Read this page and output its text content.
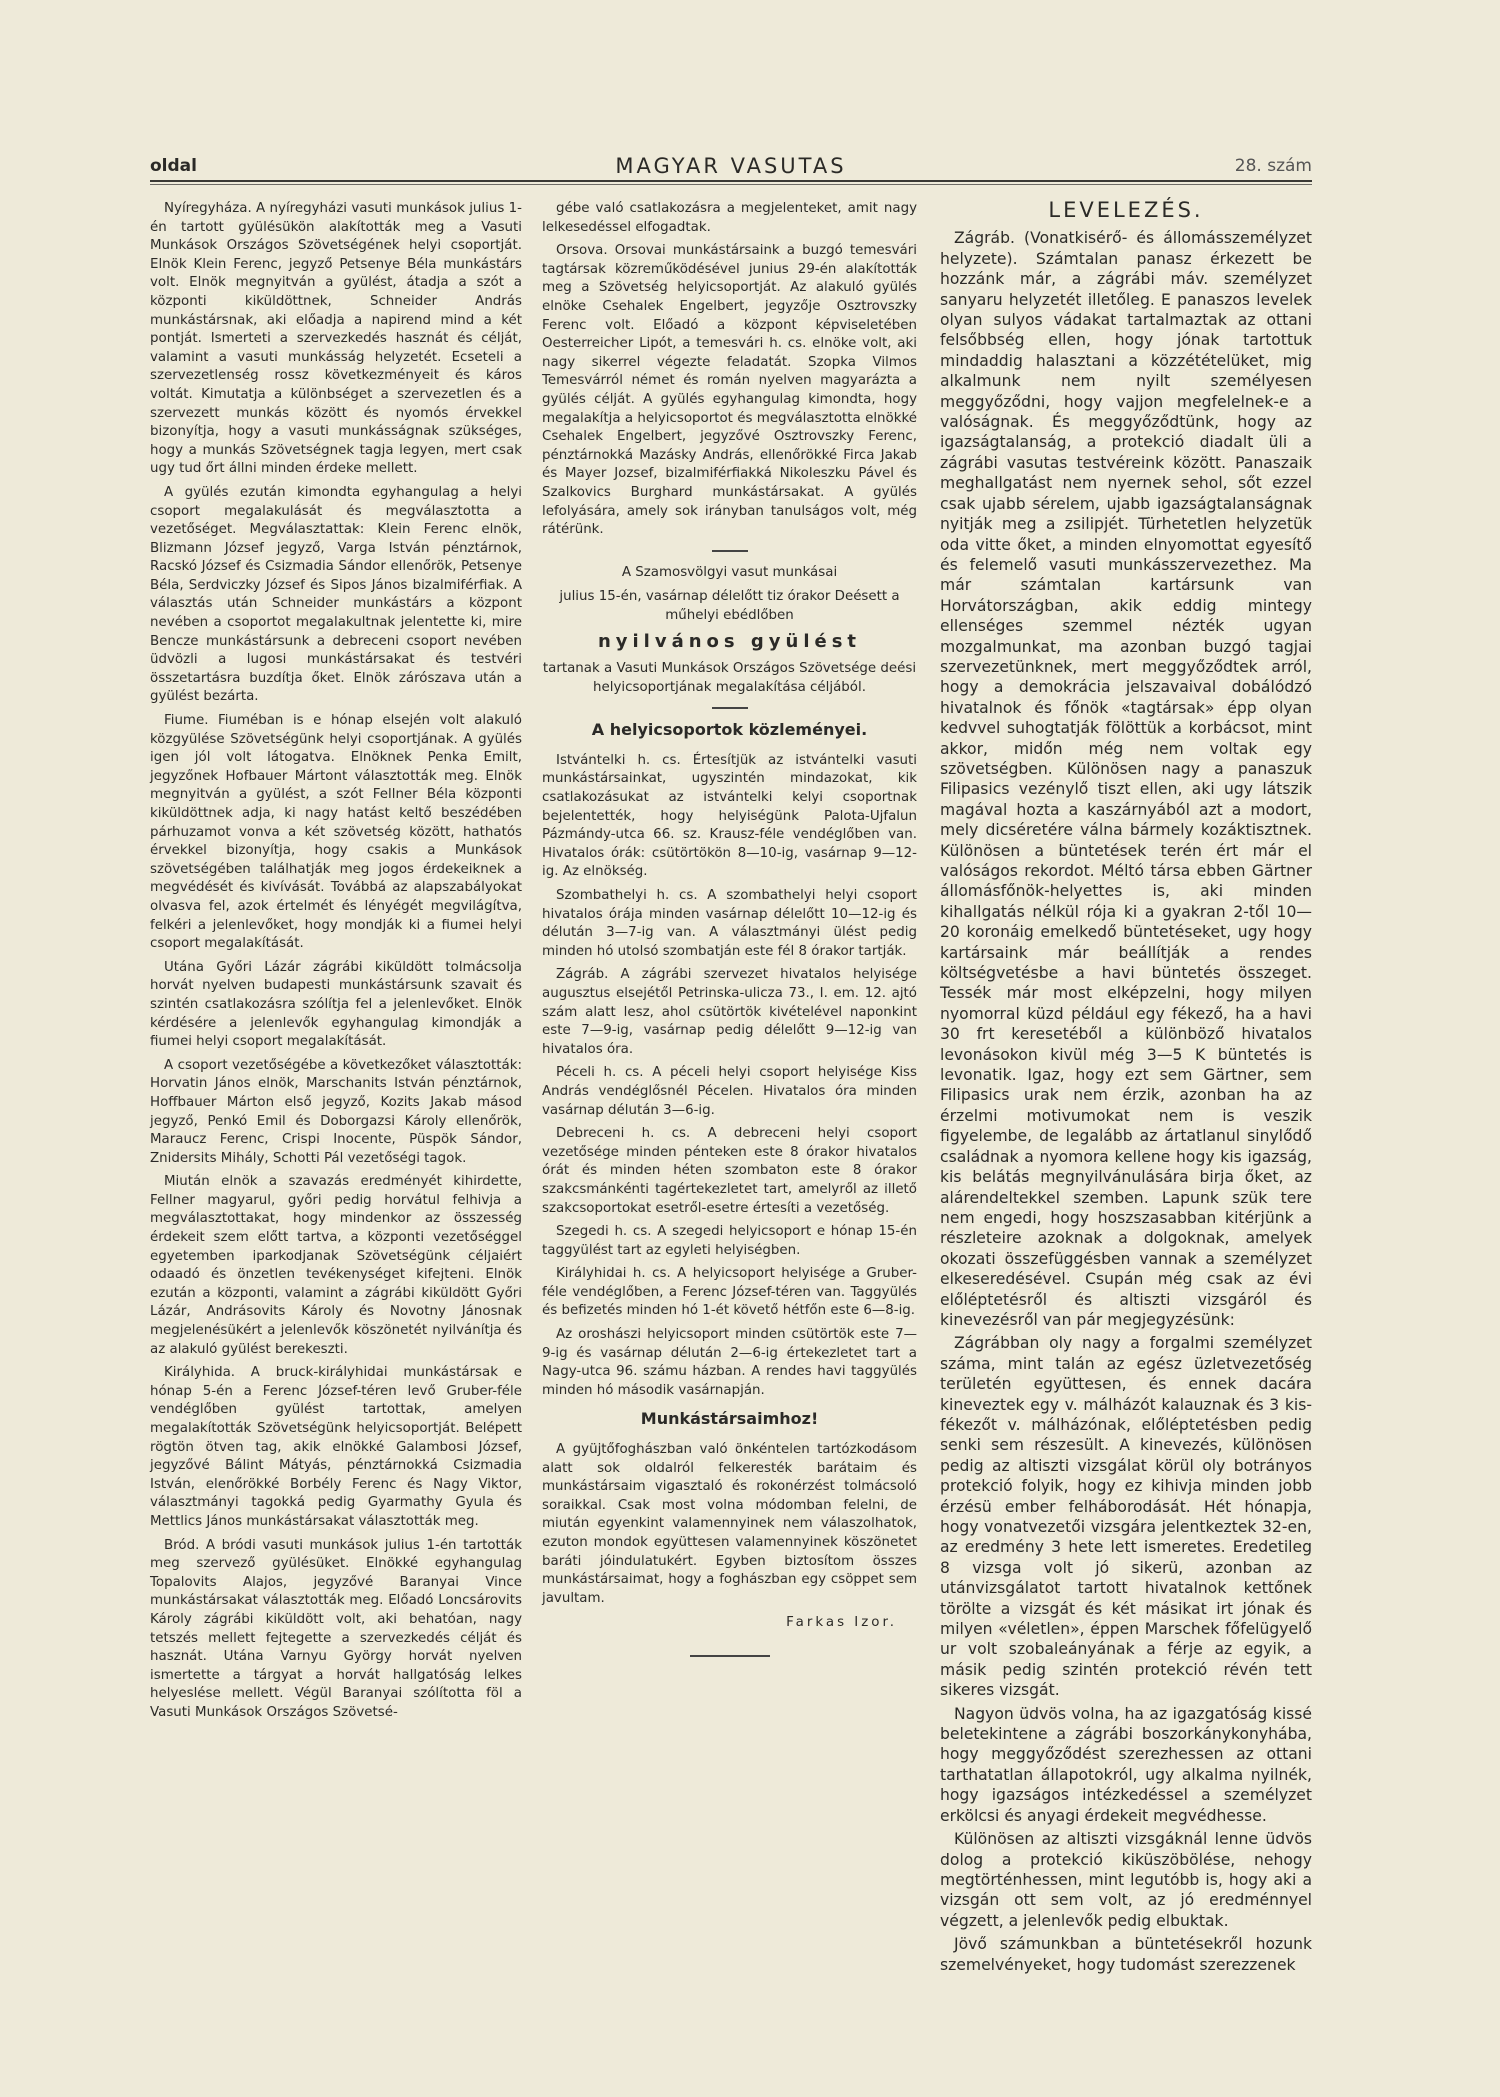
oldal	MAGYAR VASUTAS	28. szám

Nyíregyháza. A nyíregyházi vasuti munkások julius 1-én tartott gyülésükön alakították meg a Vasuti Munkások Országos Szövetségének helyi csoportját. Elnök Klein Ferenc, jegyző Petsenye Béla munkástárs volt. Elnök megnyitván a gyülést, átadja a szót a központi kiküldöttnek, Schneider András munkástársnak, aki előadja a napirend mind a két pontját. Ismerteti a szervezkedés hasznát és célját, valamint a vasuti munkásság helyzetét. Ecseteli a szervezetlenség rossz következményeit és káros voltát. Kimutatja a különbséget a szervezetlen és a szervezett munkás között és nyomós érvekkel bizonyítja, hogy a vasuti munkásságnak szükséges, hogy a munkás Szövetségnek tagja legyen, mert csak ugy tud őrt állni minden érdeke mellett.

A gyülés ezután kimondta egyhangulag a helyi csoport megalakulását és megválasztotta a vezetőséget. Megválasztattak: Klein Ferenc elnök, Blizmann József jegyző, Varga István pénztárnok, Racskó József és Csizmadia Sándor ellenőrök, Petsenye Béla, Serdviczky József és Sipos János bizalmiférfiak. A választás után Schneider munkástárs a központ nevében a csoportot megalakultnak jelentette ki, mire Bencze munkástársunk a debreceni csoport nevében üdvözli a lugosi munkástársakat és testvéri összetartásra buzdítja őket. Elnök zárószava után a gyülést bezárta.

Fiume. Fiuméban is e hónap elsején volt alakuló közgyülése Szövetségünk helyi csoportjának. A gyülés igen jól volt látogatva. Elnöknek Penka Emilt, jegyzőnek Hofbauer Mártont választották meg. Elnök megnyitván a gyülést, a szót Fellner Béla központi kiküldöttnek adja, ki nagy hatást keltő beszédében párhuzamot vonva a két szövetség között, hathatós érvekkel bizonyítja, hogy csakis a Munkások szövetségében találhatják meg jogos érdekeiknek a megvédését és kivívását. Továbbá az alapszabályokat olvasva fel, azok értelmét és lényégét megvilágítva, felkéri a jelenlevőket, hogy mondják ki a fiumei helyi csoport megalakítását.

Utána Győri Lázár zágrábi kiküldött tolmácsolja horvát nyelven budapesti munkástársunk szavait és szintén csatlakozásra szólítja fel a jelenlevőket. Elnök kérdésére a jelenlevők egyhangulag kimondják a fiumei helyi csoport megalakítását.

A csoport vezetőségébe a következőket választották: Horvatin János elnök, Marschanits István pénztárnok, Hoffbauer Márton első jegyző, Kozits Jakab másod jegyző, Penkó Emil és Doborgazsi Károly ellenőrök, Maraucz Ferenc, Crispi Inocente, Püspök Sándor, Znidersits Mihály, Schotti Pál vezetőségi tagok.

Miután elnök a szavazás eredményét kihirdette, Fellner magyarul, győri pedig horvátul felhivja a megválasztottakat, hogy mindenkor az összesség érdekeit szem előtt tartva, a központi vezetőséggel egyetemben iparkodjanak Szövetségünk céljaiért odaadó és önzetlen tevékenységet kifejteni. Elnök ezután a központi, valamint a zágrábi kiküldött Győri Lázár, Andrásovits Károly és Novotny Jánosnak megjelenésükért a jelenlevők köszönetét nyilvánítja és az alakuló gyülést berekeszti.

Királyhida. A bruck-királyhidai munkástársak e hónap 5-én a Ferenc József-téren levő Gruber-féle vendéglőben gyülést tartottak, amelyen megalakították Szövetségünk helyicsoportját. Belépett rögtön ötven tag, akik elnökké Galambosi József, jegyzővé Bálint Mátyás, pénztárnokká Csizmadia István, elenőrökké Borbély Ferenc és Nagy Viktor, választmányi tagokká pedig Gyarmathy Gyula és Mettlics János munkástársakat választották meg.

Bród. A bródi vasuti munkások julius 1-én tartották meg szervező gyülésüket. Elnökké egyhangulag Topalovits Alajos, jegyzővé Baranyai Vince munkástársakat választották meg. Előadó Loncsárovits Károly zágrábi kiküldött volt, aki behatóan, nagy tetszés mellett fejtegette a szervezkedés célját és hasznát. Utána Varnyu György horvát nyelven ismertette a tárgyat a horvát hallgatóság lelkes helyeslése mellett. Végül Baranyai szólította föl a Vasuti Munkások Országos Szövetsé-

gébe való csatlakozásra a megjelenteket, amit nagy lelkesedéssel elfogadtak.

Orsova. Orsovai munkástársaink a buzgó temesvári tagtársak közreműködésével junius 29-én alakították meg a Szövetség helyicsoportját. Az alakuló gyülés elnöke Csehalek Engelbert, jegyzője Osztrovszky Ferenc volt. Előadó a központ képviseletében Oesterreicher Lipót, a temesvári h. cs. elnöke volt, aki nagy sikerrel végezte feladatát. Szopka Vilmos Temesvárról német és román nyelven magyarázta a gyülés célját. A gyülés egyhangulag kimondta, hogy megalakítja a helyicsoportot és megválasztotta elnökké Csehalek Engelbert, jegyzővé Osztrovszky Ferenc, pénztárnokká Mazásky András, ellenőrökké Firca Jakab és Mayer Jozsef, bizalmiférfiakká Nikoleszku Pável és Szalkovics Burghard munkástársakat. A gyülés lefolyására, amely sok irányban tanulságos volt, még rátérünk.

A Szamosvölgyi vasut munkásai

julius 15-én, vasárnap délelőtt tiz órakor Deésett a műhelyi ebédlőben

nyilvános gyülést

tartanak a Vasuti Munkások Országos Szövetsége deési helyicsoportjának megalakítása céljából.

A helyicsoportok közleményei.

Istvántelki h. cs. Értesítjük az istvántelki vasuti munkástársainkat, ugyszintén mindazokat, kik csatlakozásukat az istvántelki kelyi csoportnak bejelentették, hogy helyiségünk Palota-Ujfalun Pázmándy-utca 66. sz. Krausz-féle vendéglőben van. Hivatalos órák: csütörtökön 8—10-ig, vasárnap 9—12-ig. Az elnökség.

Szombathelyi h. cs. A szombathelyi helyi csoport hivatalos órája minden vasárnap délelőtt 10—12-ig és délután 3—7-ig van. A választmányi ülést pedig minden hó utolsó szombatján este fél 8 órakor tartják.

Zágráb. A zágrábi szervezet hivatalos helyisége augusztus elsejétől Petrinska-ulicza 73., I. em. 12. ajtó szám alatt lesz, ahol csütörtök kivételével naponkint este 7—9-ig, vasárnap pedig délelőtt 9—12-ig van hivatalos óra.

Péceli h. cs. A péceli helyi csoport helyisége Kiss András vendéglősnél Pécelen. Hivatalos óra minden vasárnap délután 3—6-ig.

Debreceni h. cs. A debreceni helyi csoport vezetősége minden pénteken este 8 órakor hivatalos órát és minden héten szombaton este 8 órakor szakcsmánkénti tagértekezletet tart, amelyről az illető szakcsoportokat esetről-esetre értesíti a vezetőség.

Szegedi h. cs. A szegedi helyicsoport e hónap 15-én taggyülést tart az egyleti helyiségben.

Királyhidai h. cs. A helyicsoport helyisége a Gruber-féle vendéglőben, a Ferenc József-téren van. Taggyülés és befizetés minden hó 1-ét követő hétfőn este 6—8-ig.

Az oroshászi helyicsoport minden csütörtök este 7—9-ig és vasárnap délután 2—6-ig értekezletet tart a Nagy-utca 96. számu házban. A rendes havi taggyülés minden hó második vasárnapján.

Munkástársaimhoz!

A gyüjtőfoghászban való önkéntelen tartózkodásom alatt sok oldalról felkeresték barátaim és munkástársaim vigasztaló és rokonérzést tolmácsoló soraikkal. Csak most volna módomban felelni, de miután egyenkint valamennyinek nem válaszolhatok, ezuton mondok együttesen valamennyinek köszönetet baráti jóindulatukért. Egyben biztosítom összes munkástársaimat, hogy a foghászban egy csöppet sem javultam.

Farkas Izor.
LEVELEZÉS.

Zágráb. (Vonatkisérő- és állomásszemélyzet helyzete). Számtalan panasz érkezett be hozzánk már, a zágrábi máv. személyzet sanyaru helyzetét illetőleg. E panaszos levelek olyan sulyos vádakat tartalmaztak az ottani felsőbbség ellen, hogy jónak tartottuk mindaddig halasztani a közzétételüket, mig alkalmunk nem nyilt személyesen meggyőződni, hogy vajjon megfelelnek-e a valóságnak. És meggyőződtünk, hogy az igazságtalanság, a protekció diadalt üli a zágrábi vasutas testvéreink között. Panaszaik meghallgatást nem nyernek sehol, sőt ezzel csak ujabb sérelem, ujabb igazságtalanságnak nyitják meg a zsilipjét. Türhetetlen helyzetük oda vitte őket, a minden elnyomottat egyesítő és felemelő vasuti munkásszervezethez. Ma már számtalan kartársunk van Horvátországban, akik eddig mintegy ellenséges szemmel nézték ugyan mozgalmunkat, ma azonban buzgó tagjai szervezetünknek, mert meggyőződtek arról, hogy a demokrácia jelszavaival dobálódzó hivatalnok és főnök «tagtársak» épp olyan kedvvel suhogtatják fölöttük a korbácsot, mint akkor, midőn még nem voltak egy szövetségben. Különösen nagy a panaszuk Filipasics vezénylő tiszt ellen, aki ugy látszik magával hozta a kaszárnyából azt a modort, mely dicséretére válna bármely kozáktisztnek. Különösen a büntetések terén ért már el valóságos rekordot. Méltó társa ebben Gärtner állomásfőnök-helyettes is, aki minden kihallgatás nélkül rója ki a gyakran 2-től 10—20 koronáig emelkedő büntetéseket, ugy hogy kartársaink már beállítják a rendes költségvetésbe a havi büntetés összeget. Tessék már most elképzelni, hogy milyen nyomorral küzd például egy fékező, ha a havi 30 frt keresetéből a különböző hivatalos levonásokon kivül még 3—5 K büntetés is levonatik. Igaz, hogy ezt sem Gärtner, sem Filipasics urak nem érzik, azonban ha az érzelmi motivumokat nem is veszik figyelembe, de legalább az ártatlanul sinylődő családnak a nyomora kellene hogy kis igazság, kis belátás megnyilvánulására birja őket, az alárendeltekkel szemben. Lapunk szük tere nem engedi, hogy hoszszasabban kitérjünk a részleteire azoknak a dolgoknak, amelyek okozati összefüggésben vannak a személyzet elkeseredésével. Csupán még csak az évi előléptetésről és altiszti vizsgáról és kinevezésről van pár megjegyzésünk:

Zágrábban oly nagy a forgalmi személyzet száma, mint talán az egész üzletvezetőség területén együttesen, és ennek dacára kineveztek egy v. málházót kalauznak és 3 kis-fékezőt v. málházónak, előléptetésben pedig senki sem részesült. A kinevezés, különösen pedig az altiszti vizsgálat körül oly botrányos protekció folyik, hogy ez kihivja minden jobb érzésü ember felháborodását. Hét hónapja, hogy vonatvezetői vizsgára jelentkeztek 32-en, az eredmény 3 hete lett ismeretes. Eredetileg 8 vizsga volt jó sikerü, azonban az utánvizsgálatot tartott hivatalnok kettőnek törölte a vizsgát és két másikat irt jónak és milyen «véletlen», éppen Marschek főfelügyelő ur volt szobaleányának a férje az egyik, a másik pedig szintén protekció révén tett sikeres vizsgát.

Nagyon üdvös volna, ha az igazgatóság kissé beletekintene a zágrábi boszorkánykonyhába, hogy meggyőződést szerezhessen az ottani tarthatatlan állapotokról, ugy alkalma nyilnék, hogy igazságos intézkedéssel a személyzet erkölcsi és anyagi érdekeit megvédhesse.

Különösen az altiszti vizsgáknál lenne üdvös dolog a protekció kiküszöbölése, nehogy megtörténhessen, mint legutóbb is, hogy aki a vizsgán ott sem volt, az jó eredménnyel végzett, a jelenlevők pedig elbuktak.

Jövő számunkban a büntetésekről hozunk szemelvényeket, hogy tudomást szerezzenek
